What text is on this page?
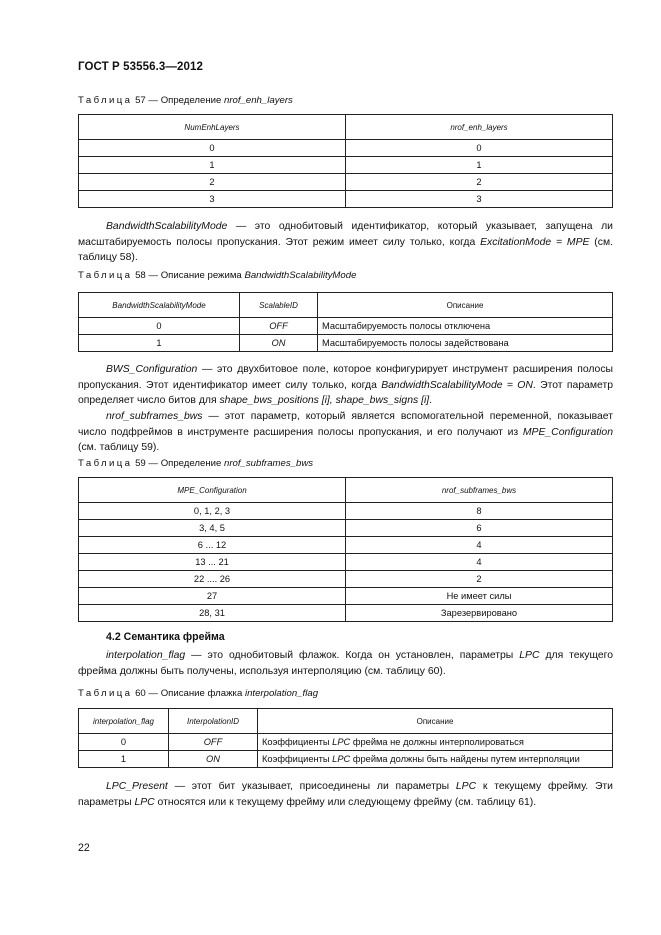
ГОСТ Р 53556.3—2012
Таблица 57 — Определение nrof_enh_layers
NumEnhLayers	nrof_enh_layers
0	0
1	1
2	2
3	3

BandwidthScalabilityMode — это однобитовый идентификатор, который указывает, запущена ли масштабируемость полосы пропускания. Этот режим имеет силу только, когда ExcitationMode = MPE (см. таблицу 58).

Таблица 58 — Описание режима BandwidthScalabilityMode
BandwidthScalabilityMode	ScalableID	Описание
0	OFF	Масштабируемость полосы отключена
1	ON	Масштабируемость полосы задействована

BWS_Configuration — это двухбитовое поле, которое конфигурирует инструмент расширения полосы пропускания. Этот идентификатор имеет силу только, когда BandwidthScalabilityMode = ON. Этот параметр определяет число битов для shape_bws_positions [i], shape_bws_signs [i].

nrof_subframes_bws — этот параметр, который является вспомогательной переменной, показывает число подфреймов в инструменте расширения полосы пропускания, и его получают из MPE_Configuration (см. таблицу 59).

Таблица 59 — Определение nrof_subframes_bws
MPE_Configuration	nrof_subframes_bws
0, 1, 2, 3	8
3, 4, 5	6
6 ... 12	4
13 ... 21	4
22 .... 26	2
27	Не имеет силы
28, 31	Зарезервировано
4.2 Семантика фрейма

interpolation_flag — это однобитовый флажок. Когда он установлен, параметры LPC для текущего фрейма должны быть получены, используя интерполяцию (см. таблицу 60).

Таблица 60 — Описание флажка interpolation_flag
interpolation_flag	InterpolationID	Описание
0	OFF	Коэффициенты LPC фрейма не должны интерполироваться
1	ON	Коэффициенты LPC фрейма должны быть найдены путем интерполяции

LPC_Present — этот бит указывает, присоединены ли параметры LPC к текущему фрейму. Эти параметры LPC относятся или к текущему фрейму или следующему фрейму (см. таблицу 61).

22
